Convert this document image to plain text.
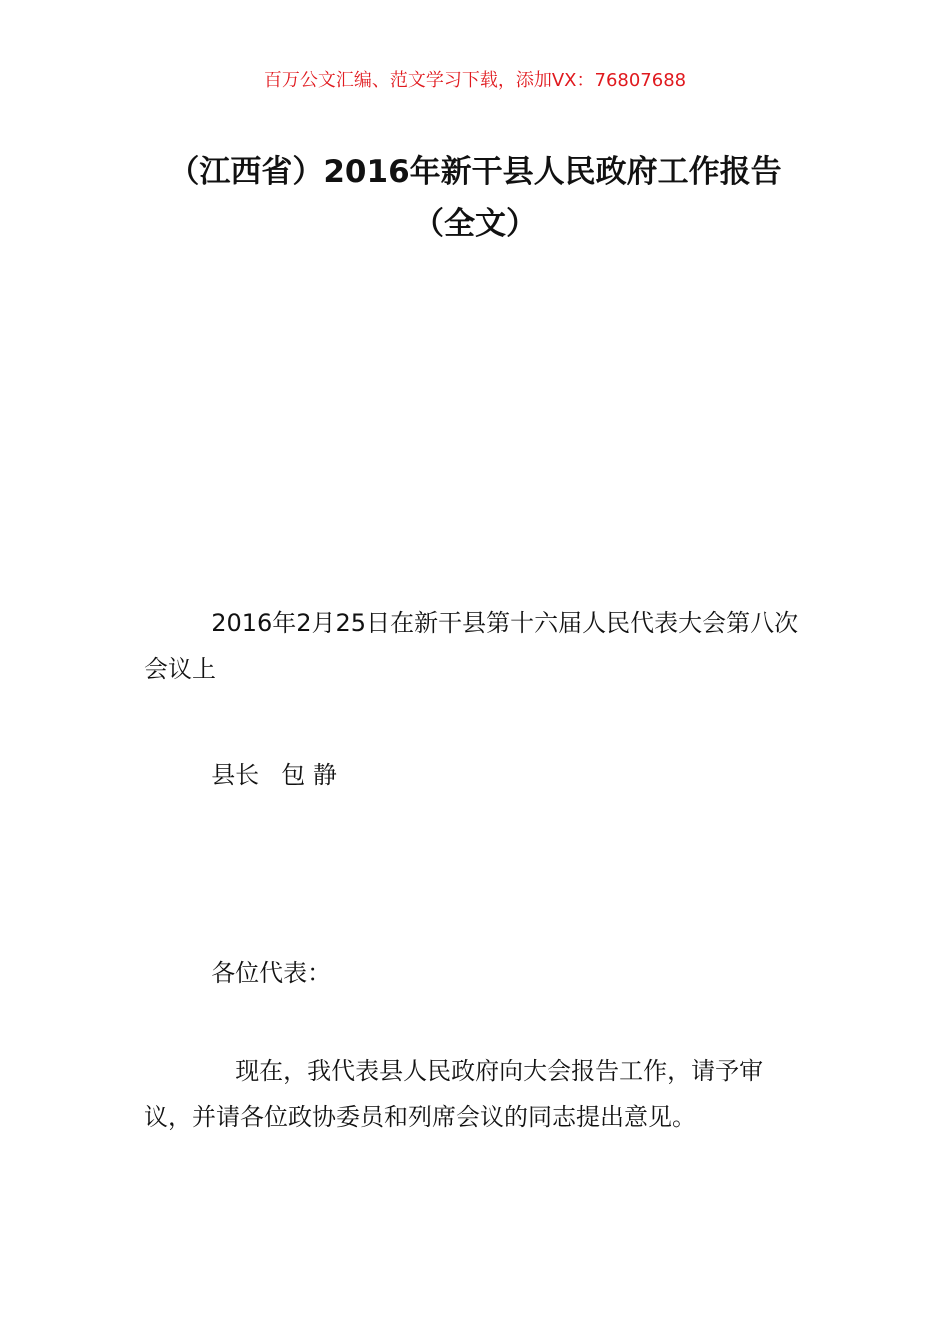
百万公文汇编、范文学习下载，添加VX：76807688
（江西省）2016年新干县人民政府工作报告（全文）
2016年2月25日在新干县第十六届人民代表大会第八次会议上
县长 包 静
各位代表：
现在，我代表县人民政府向大会报告工作，请予审议，并请各位政协委员和列席会议的同志提出意见。
